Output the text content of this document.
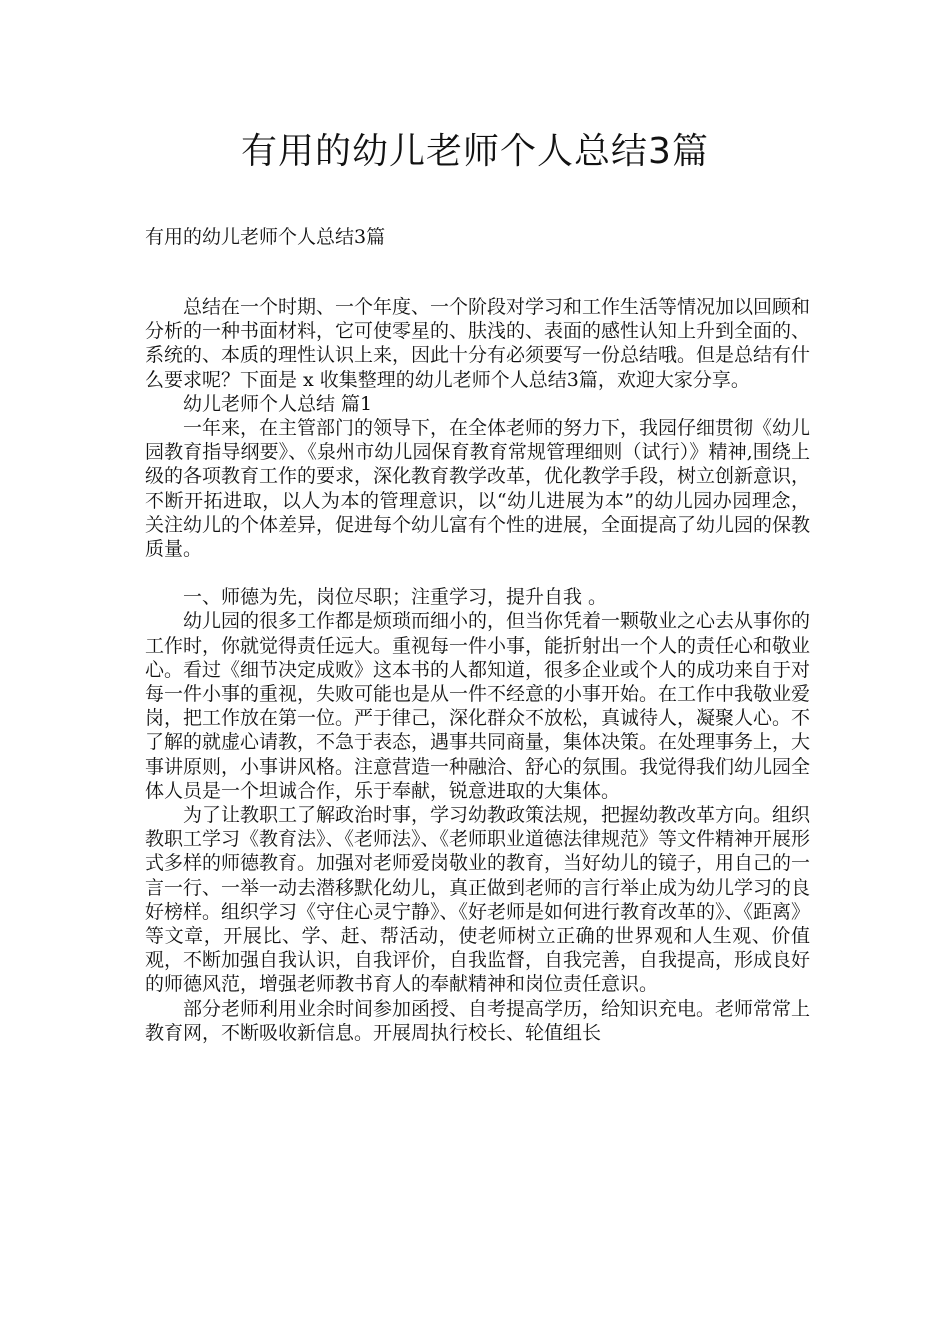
有用的幼儿老师个人总结3篇

有用的幼儿老师个人总结3篇

总结在一个时期、一个年度、一个阶段对学习和工作生活等情况加以回顾和分析的一种书面材料，它可使零星的、肤浅的、表面的感性认知上升到全面的、系统的、本质的理性认识上来，因此十分有必须要写一份总结哦。但是总结有什么要求呢？下面是 x 收集整理的幼儿老师个人总结3篇，欢迎大家分享。

幼儿老师个人总结 篇1

一年来，在主管部门的领导下，在全体老师的努力下，我园仔细贯彻《幼儿园教育指导纲要》、《泉州市幼儿园保育教育常规管理细则（试行）》精神,围绕上级的各项教育工作的要求，深化教育教学改革，优化教学手段，树立创新意识，不断开拓进取，以人为本的管理意识，以“幼儿进展为本”的幼儿园办园理念，关注幼儿的个体差异，促进每个幼儿富有个性的进展，全面提高了幼儿园的保教质量。

一、师德为先，岗位尽职；注重学习，提升自我 。

幼儿园的很多工作都是烦琐而细小的，但当你凭着一颗敬业之心去从事你的工作时，你就觉得责任远大。重视每一件小事，能折射出一个人的责任心和敬业心。看过《细节决定成败》这本书的人都知道，很多企业或个人的成功来自于对每一件小事的重视，失败可能也是从一件不经意的小事开始。在工作中我敬业爱岗，把工作放在第一位。严于律己，深化群众不放松，真诚待人，凝聚人心。不了解的就虚心请教，不急于表态，遇事共同商量，集体决策。在处理事务上，大事讲原则，小事讲风格。注意营造一种融洽、舒心的氛围。我觉得我们幼儿园全体人员是一个坦诚合作，乐于奉献，锐意进取的大集体。

为了让教职工了解政治时事，学习幼教政策法规，把握幼教改革方向。组织教职工学习《教育法》、《老师法》、《老师职业道德法律规范》等文件精神开展形式多样的师德教育。加强对老师爱岗敬业的教育，当好幼儿的镜子，用自己的一言一行、一举一动去潜移默化幼儿，真正做到老师的言行举止成为幼儿学习的良好榜样。组织学习《守住心灵宁静》、《好老师是如何进行教育改革的》、《距离》等文章，开展比、学、赶、帮活动，使老师树立正确的世界观和人生观、价值观，不断加强自我认识，自我评价，自我监督，自我完善，自我提高，形成良好的师德风范，增强老师教书育人的奉献精神和岗位责任意识。

部分老师利用业余时间参加函授、自考提高学历，给知识充电。老师常常上教育网，不断吸收新信息。开展周执行校长、轮值组长
